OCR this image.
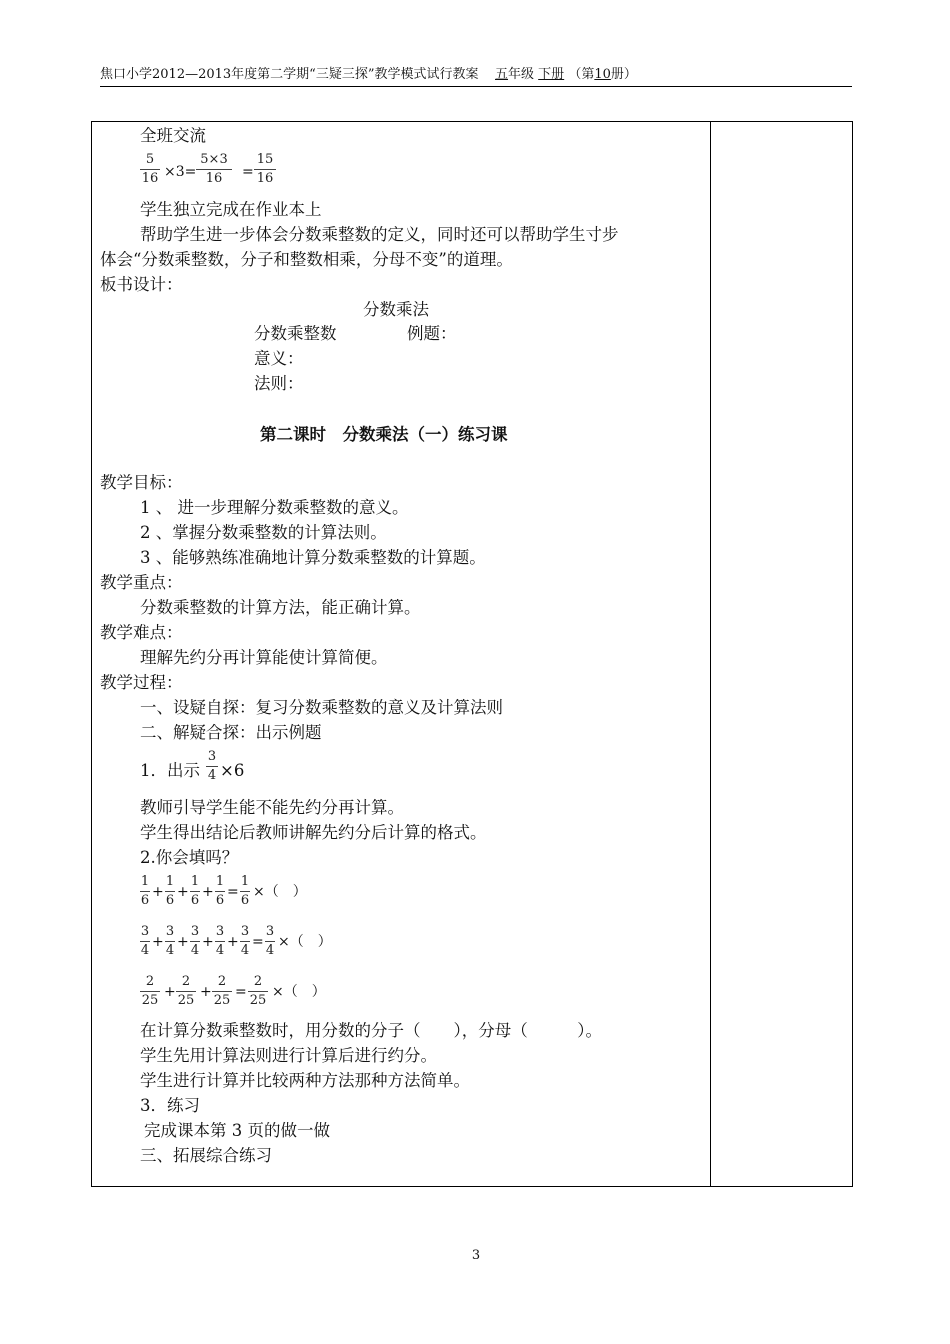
焦口小学2012—2013年度第二学期“三疑三探”教学模式试行教案 五年级 下册 （第10册）
全班交流
5
16 ×3=
5×3
16	=
15
16
学生独立完成在作业本上
帮助学生进一步体会分数乘整数的定义，同时还可以帮助学生寸步
体会“分数乘整数，分子和整数相乘，分母不变”的道理。
板书设计：
分数乘法
分数乘整数	例题：
意义：
法则：
第二课时　分数乘法（一）练习课
教学目标：
1 、 进一步理解分数乘整数的意义。
2 、掌握分数乘整数的计算法则。
3 、能够熟练准确地计算分数乘整数的计算题。
教学重点：
分数乘整数的计算方法，能正确计算。
教学难点：
理解先约分再计算能使计算简便。
教学过程：
一、设疑自探：复习分数乘整数的意义及计算法则
二、解疑合探：出示例题
1．出示
3
4 ×6
教师引导学生能不能先约分再计算。
学生得出结论后教师讲解先约分后计算的格式。
2.你会填吗？
1
6
+
1
6
+
1
6
+
1
6
=
1
6
×（　）
3
4
+
3
4
+
3
4
+
3
4
+
3
4
=
3
4
×（　）
2
25
+
2
25
+
2
25
=
2
25
×（　）
在计算分数乘整数时，用分数的分子（　　），分母（　　　）。
学生先用计算法则进行计算后进行约分。
学生进行计算并比较两种方法那种方法简单。
3．练习
完成课本第 3 页的做一做
三、拓展综合练习
3
